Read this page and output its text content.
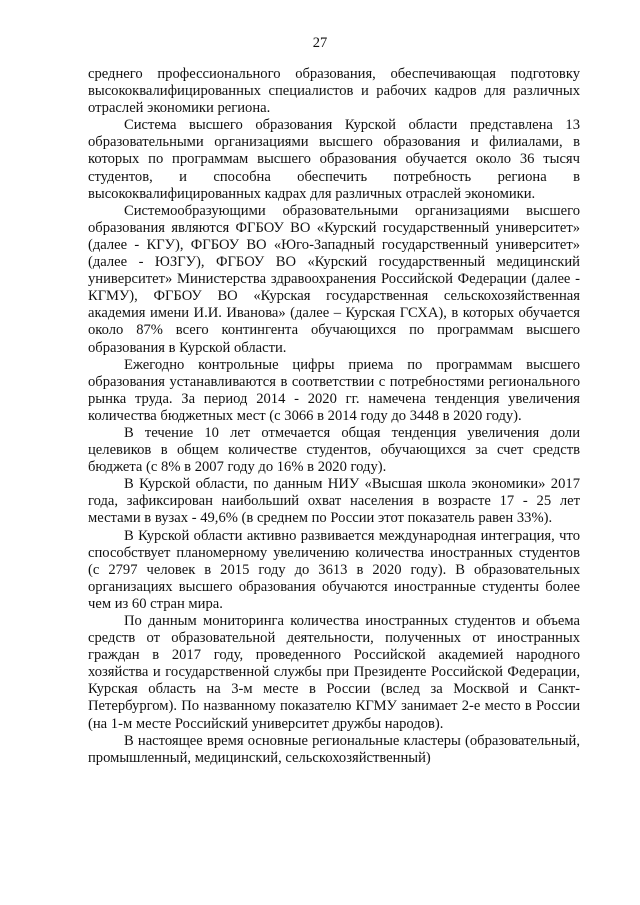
27

среднего профессионального образования, обеспечивающая подготовку высококвалифицированных специалистов и рабочих кадров для различных отраслей экономики региона.

Система высшего образования Курской области представлена 13 образовательными организациями высшего образования и филиалами, в которых по программам высшего образования обучается около 36 тысяч студентов, и способна обеспечить потребность региона в высококвалифицированных кадрах для различных отраслей экономики.

Системообразующими образовательными организациями высшего образования являются ФГБОУ ВО «Курский государственный университет» (далее - КГУ), ФГБОУ ВО «Юго-Западный государственный университет» (далее - ЮЗГУ), ФГБОУ ВО «Курский государственный медицинский университет» Министерства здравоохранения Российской Федерации (далее - КГМУ), ФГБОУ ВО «Курская государственная сельскохозяйственная академия имени И.И. Иванова» (далее – Курская ГСХА), в которых обучается около 87% всего контингента обучающихся по программам высшего образования в Курской области.

Ежегодно контрольные цифры приема по программам высшего образования устанавливаются в соответствии с потребностями регионального рынка труда. За период 2014 - 2020 гг. намечена тенденция увеличения количества бюджетных мест (с 3066 в 2014 году до 3448 в 2020 году).

В течение 10 лет отмечается общая тенденция увеличения доли целевиков в общем количестве студентов, обучающихся за счет средств бюджета (с 8% в 2007 году до 16% в 2020 году).

В Курской области, по данным НИУ «Высшая школа экономики» 2017 года, зафиксирован наибольший охват населения в возрасте 17 - 25 лет местами в вузах - 49,6% (в среднем по России этот показатель равен 33%).

В Курской области активно развивается международная интеграция, что способствует планомерному увеличению количества иностранных студентов (с 2797 человек в 2015 году до 3613 в 2020 году). В образовательных организациях высшего образования обучаются иностранные студенты более чем из 60 стран мира.

По данным мониторинга количества иностранных студентов и объема средств от образовательной деятельности, полученных от иностранных граждан в 2017 году, проведенного Российской академией народного хозяйства и государственной службы при Президенте Российской Федерации, Курская область на 3-м месте в России (вслед за Москвой и Санкт-Петербургом). По названному показателю КГМУ занимает 2-е место в России (на 1-м месте Российский университет дружбы народов).

В настоящее время основные региональные кластеры (образовательный, промышленный, медицинский, сельскохозяйственный)
